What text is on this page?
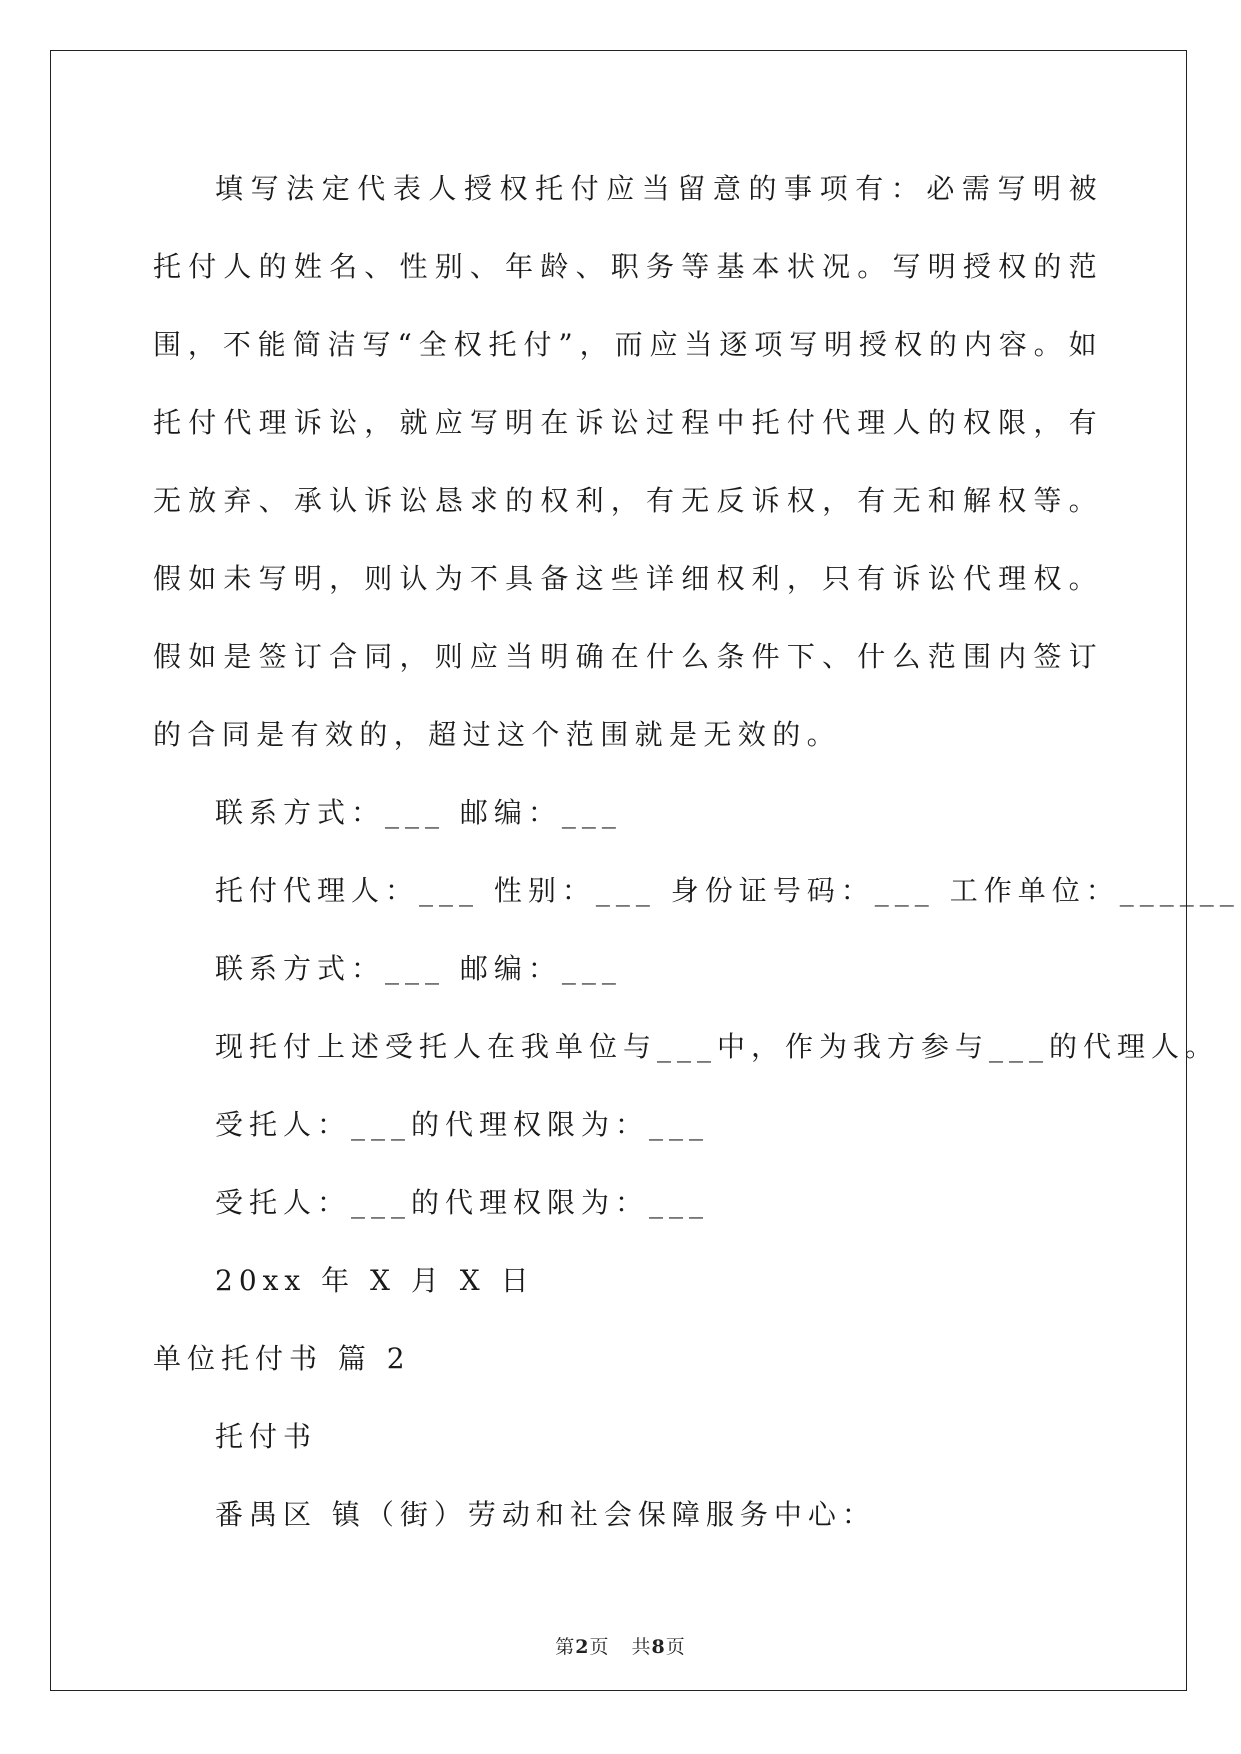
填写法定代表人授权托付应当留意的事项有：必需写明被托付人的姓名、性别、年龄、职务等基本状况。写明授权的范围，不能简洁写“全权托付”，而应当逐项写明授权的内容。如托付代理诉讼，就应写明在诉讼过程中托付代理人的权限，有无放弃、承认诉讼恳求的权利，有无反诉权，有无和解权等。假如未写明，则认为不具备这些详细权利，只有诉讼代理权。假如是签订合同，则应当明确在什么条件下、什么范围内签订的合同是有效的，超过这个范围就是无效的。

联系方式：___ 邮编：___

托付代理人：___ 性别：___ 身份证号码：___ 工作单位：______

联系方式：___ 邮编：___

现托付上述受托人在我单位与___中，作为我方参与___的代理人。

受托人：___的代理权限为：___

受托人：___的代理权限为：___

20xx 年 X 月 X 日

单位托付书 篇 2

托付书

番禺区 镇（街）劳动和社会保障服务中心：

第2页 共8页
